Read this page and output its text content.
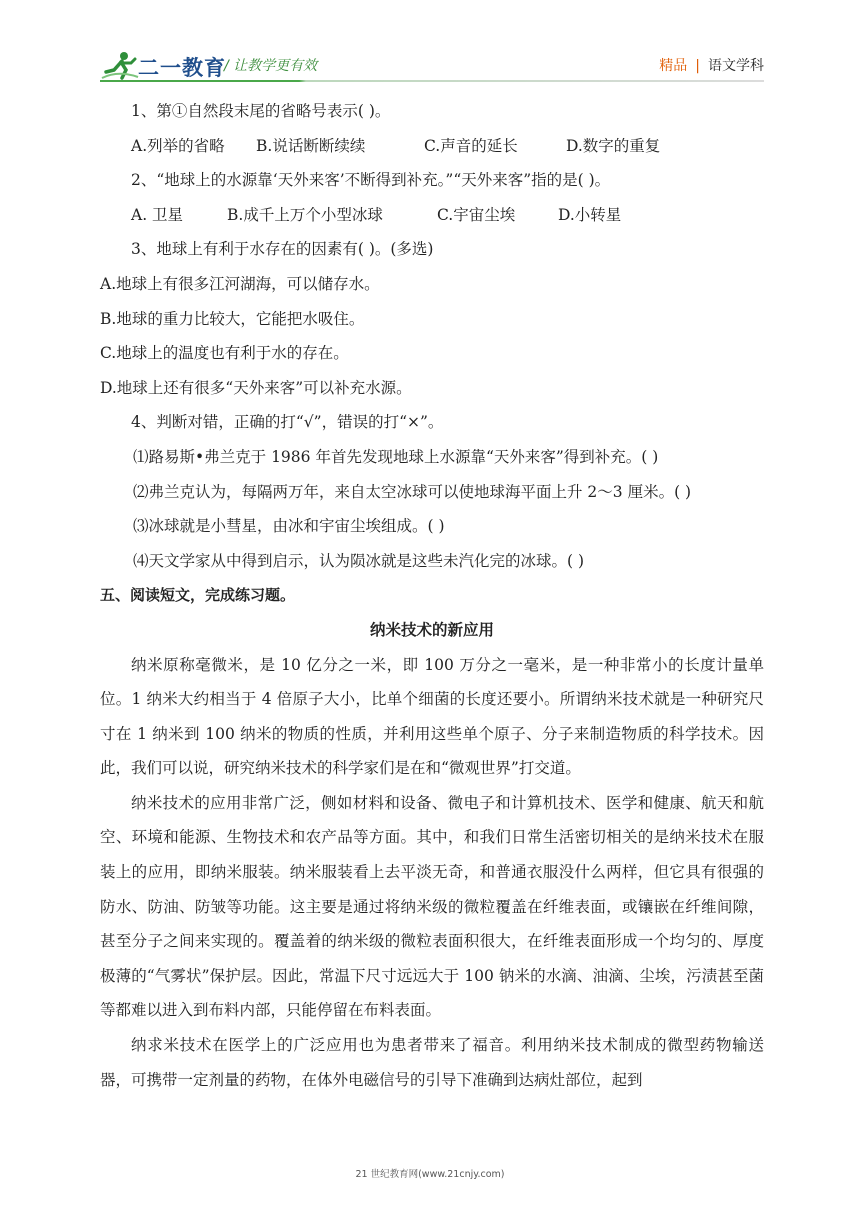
二一教育
/ 让教学更有效	精品 | 语文学科
1、第①自然段末尾的省略号表示( )。
A.列举的省略 B.说话断断续续	C.声音的延长	D.数字的重复
2、“地球上的水源靠‘天外来客’不断得到补充。”“天外来客”指的是( )。
A. 卫星	B.成千上万个小型冰球	C.宇宙尘埃	D.小转星
3、地球上有利于水存在的因素有( )。(多选)
A.地球上有很多江河湖海，可以储存水。
B.地球的重力比较大，它能把水吸住。
C.地球上的温度也有利于水的存在。
D.地球上还有很多“天外来客”可以补充水源。
4、判断对错，正确的打“√”，错误的打“×”。
⑴路易斯•弗兰克于 1986 年首先发现地球上水源靠“天外来客”得到补充。( )
⑵弗兰克认为，每隔两万年，来自太空冰球可以使地球海平面上升 2～3 厘米。( )
⑶冰球就是小彗星，由冰和宇宙尘埃组成。( )
⑷天文学家从中得到启示，认为陨冰就是这些未汽化完的冰球。( )
五、阅读短文，完成练习题。
纳米技术的新应用

纳米原称毫微米，是 10 亿分之一米，即 100 万分之一毫米，是一种非常小的长度计量单位。1 纳米大约相当于 4 倍原子大小，比单个细菌的长度还要小。所谓纳米技术就是一种研究尺寸在 1 纳米到 100 纳米的物质的性质，并利用这些单个原子、分子来制造物质的科学技术。因此，我们可以说，研究纳米技术的科学家们是在和“微观世界”打交道。

纳米技术的应用非常广泛，侧如材料和设备、微电子和计算机技术、医学和健康、航天和航空、环境和能源、生物技术和农产品等方面。其中，和我们日常生活密切相关的是纳米技术在服装上的应用，即纳米服装。纳米服装看上去平淡无奇，和普通衣服没什么两样，但它具有很强的防水、防油、防皱等功能。这主要是通过将纳米级的微粒覆盖在纤维表面，或镶嵌在纤维间隙，甚至分子之间来实现的。覆盖着的纳米级的微粒表面积很大，在纤维表面形成一个均匀的、厚度极薄的“气雾状”保护层。因此，常温下尺寸远远大于 100 钠米的水滴、油滴、尘埃，污渍甚至菌等都难以进入到布料内部，只能停留在布料表面。

纳求米技术在医学上的广泛应用也为患者带来了福音。利用纳米技术制成的微型药物输送器，可携带一定剂量的药物，在体外电磁信号的引导下准确到达病灶部位，起到

21 世纪教育网(www.21cnjy.com)
